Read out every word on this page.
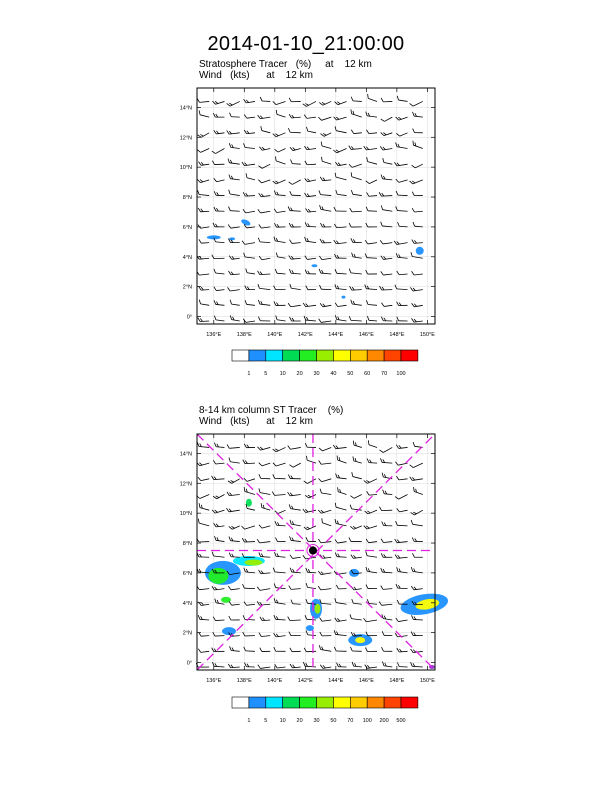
2014-01-10_21:00:00
Stratosphere Tracer   (%)     at    12 km
Wind   (kts)      at    12 km
8-14 km column ST Tracer    (%)
Wind   (kts)      at    12 km
136°E	138°E	140°E	142°E	144°E	146°E	148°E	150°E
0°
2°N
4°N
6°N
8°N
10°N
12°N
14°N
1	5 10 20 30 40 50 60 70 100
136°E	138°E	140°E	142°E	144°E	146°E	148°E	150°E
0°
2°N
4°N
6°N
8°N
10°N
12°N
14°N
1	5 10 20 30 50 70 100 200 500
